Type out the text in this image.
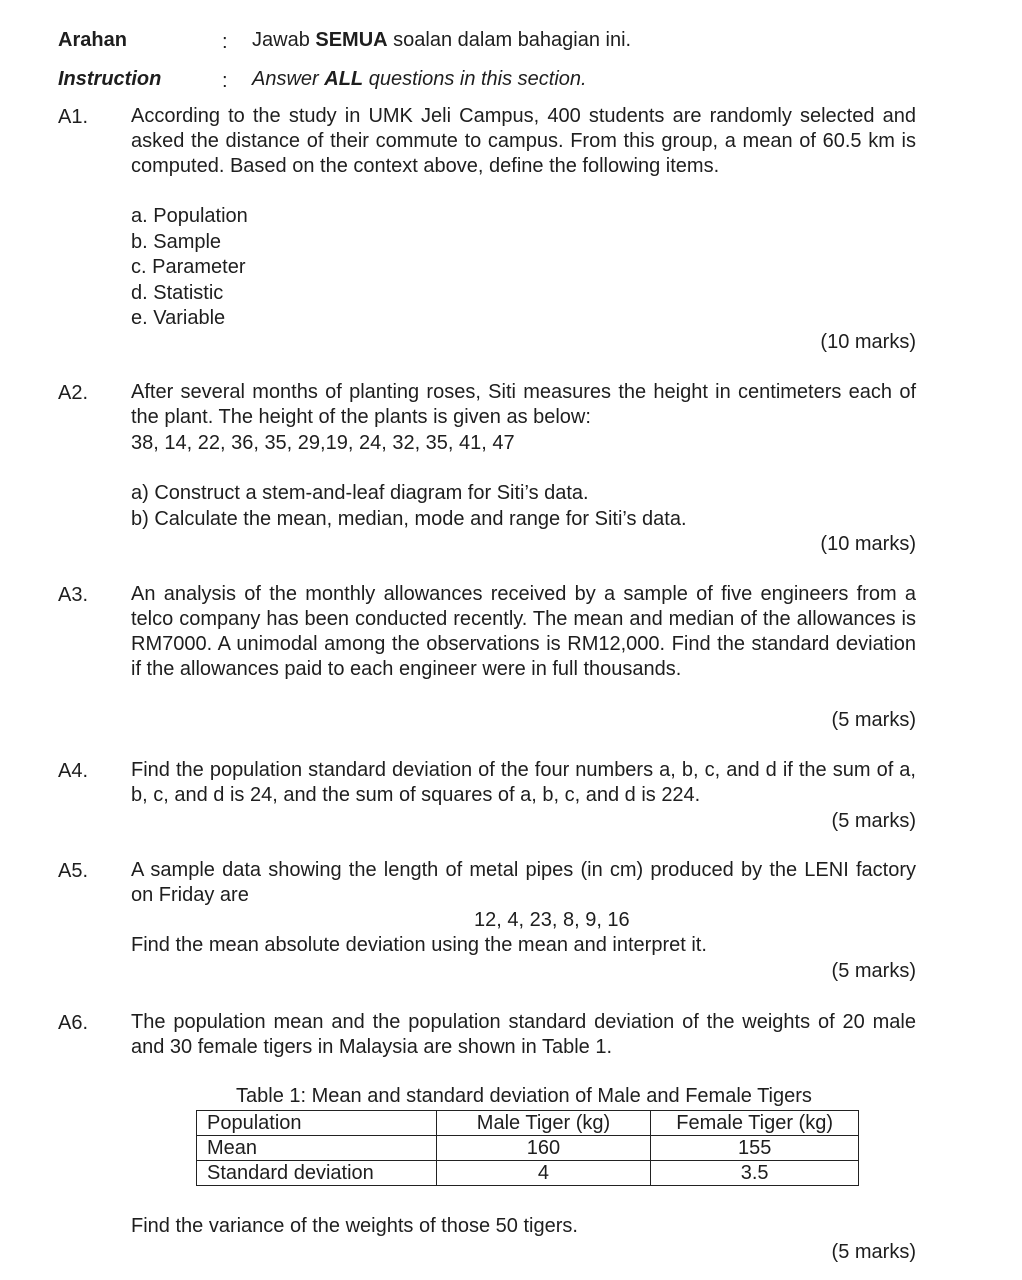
Arahan	: Jawab SEMUA soalan dalam bahagian ini.
Instruction	: Answer ALL questions in this section.
A1. According to the study in UMK Jeli Campus, 400 students are randomly selected and asked the distance of their commute to campus. From this group, a mean of 60.5 km is computed. Based on the context above, define the following items.
a. Population
b. Sample
c. Parameter
d. Statistic
e. Variable
(10 marks)
A2. After several months of planting roses, Siti measures the height in centimeters each of the plant. The height of the plants is given as below:
38, 14, 22, 36, 35, 29,19, 24, 32, 35, 41, 47
a) Construct a stem-and-leaf diagram for Siti’s data.
b) Calculate the mean, median, mode and range for Siti’s data.
(10 marks)
A3. An analysis of the monthly allowances received by a sample of five engineers from a telco company has been conducted recently. The mean and median of the allowances is RM7000. A unimodal among the observations is RM12,000. Find the standard deviation if the allowances paid to each engineer were in full thousands.
(5 marks)
A4. Find the population standard deviation of the four numbers a, b, c, and d if the sum of a, b, c, and d is 24, and the sum of squares of a, b, c, and d is 224.
(5 marks)
A5. A sample data showing the length of metal pipes (in cm) produced by the LENI factory on Friday are
12, 4, 23, 8, 9, 16
Find the mean absolute deviation using the mean and interpret it.
(5 marks)
A6. The population mean and the population standard deviation of the weights of 20 male and 30 female tigers in Malaysia are shown in Table 1.
Table 1: Mean and standard deviation of Male and Female Tigers
Population	Male Tiger (kg)	Female Tiger (kg)
Mean	160	155
Standard deviation	4	3.5
Find the variance of the weights of those 50 tigers.
(5 marks)
